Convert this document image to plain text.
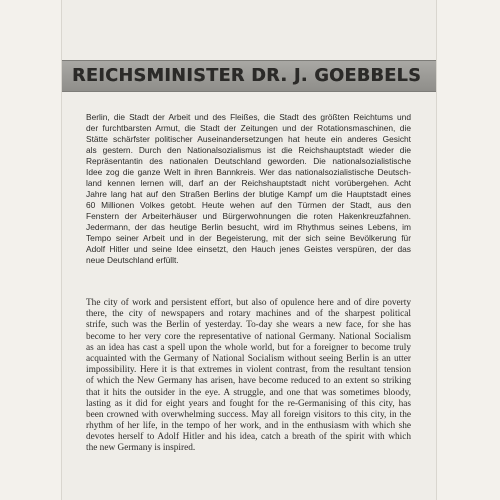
REICHSMINISTER DR. J. GOEBBELS
Berlin, die Stadt der Arbeit und des Fleißes, die Stadt des größten Reichtums und
der furchtbarsten Armut, die Stadt der Zeitungen und der Rotationsmaschinen, die
Stätte schärfster politischer Auseinandersetzungen hat heute ein anderes Gesicht
als gestern. Durch den Nationalsozialismus ist die Reichshauptstadt wieder die
Repräsentantin des nationalen Deutschland geworden. Die nationalsozialistische
Idee zog die ganze Welt in ihren Bannkreis. Wer das nationalsozialistische Deutsch-
land kennen lernen will, darf an der Reichshauptstadt nicht vorübergehen. Acht
Jahre lang hat auf den Straßen Berlins der blutige Kampf um die Hauptstadt eines
60 Millionen Volkes getobt. Heute wehen auf den Türmen der Stadt, aus den
Fenstern der Arbeiterhäuser und Bürgerwohnungen die roten Hakenkreuzfahnen.
Jedermann, der das heutige Berlin besucht, wird im Rhythmus seines Lebens, im
Tempo seiner Arbeit und in der Begeisterung, mit der sich seine Bevölkerung für
Adolf Hitler und seine Idee einsetzt, den Hauch jenes Geistes verspüren, der das
neue Deutschland erfüllt.
The city of work and persistent effort, but also of opulence here and of dire poverty
there, the city of newspapers and rotary machines and of the sharpest political
strife, such was the Berlin of yesterday. To-day she wears a new face, for she has
become to her very core the representative of national Germany. National Socialism
as an idea has cast a spell upon the whole world, but for a foreigner to become truly
acquainted with the Germany of National Socialism without seeing Berlin is an utter
impossibility. Here it is that extremes in violent contrast, from the resultant tension
of which the New Germany has arisen, have become reduced to an extent so striking
that it hits the outsider in the eye. A struggle, and one that was sometimes bloody,
lasting as it did for eight years and fought for the re-Germanising of this city, has
been crowned with overwhelming success. May all foreign visitors to this city, in the
rhythm of her life, in the tempo of her work, and in the enthusiasm with which she
devotes herself to Adolf Hitler and his idea, catch a breath of the spirit with which
the new Germany is inspired.
